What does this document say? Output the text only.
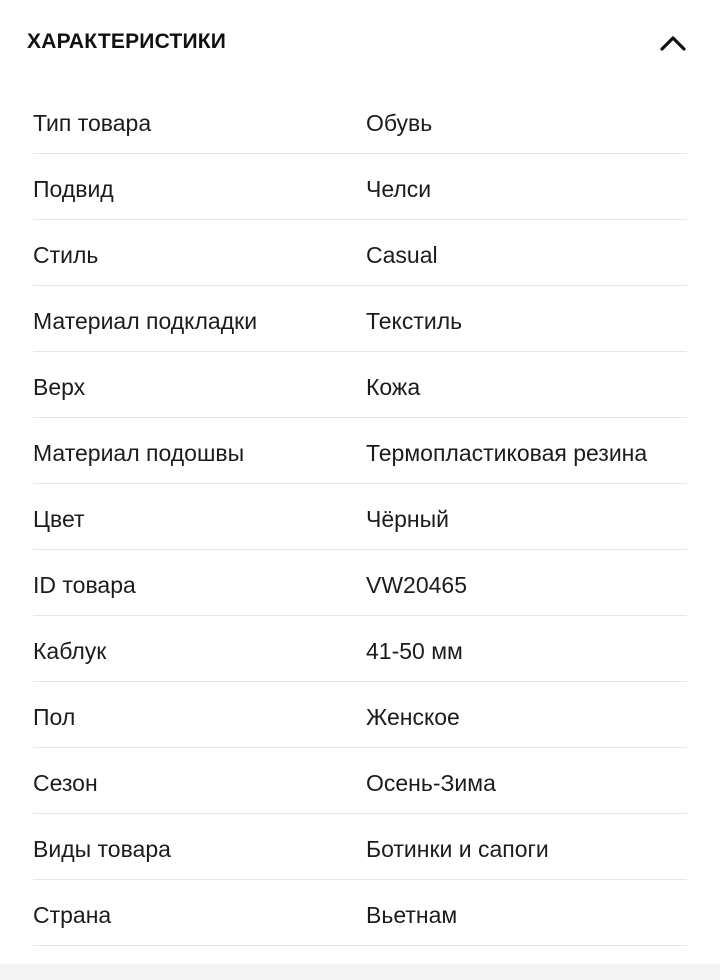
ХАРАКТЕРИСТИКИ
Тип товара	Обувь
Подвид	Челси
Стиль	Casual
Материал подкладки	Текстиль
Верх	Кожа
Материал подошвы	Термопластиковая резина
Цвет	Чёрный
ID товара	VW20465
Каблук	41-50 мм
Пол	Женское
Сезон	Осень-Зима
Виды товара	Ботинки и сапоги
Страна	Вьетнам
